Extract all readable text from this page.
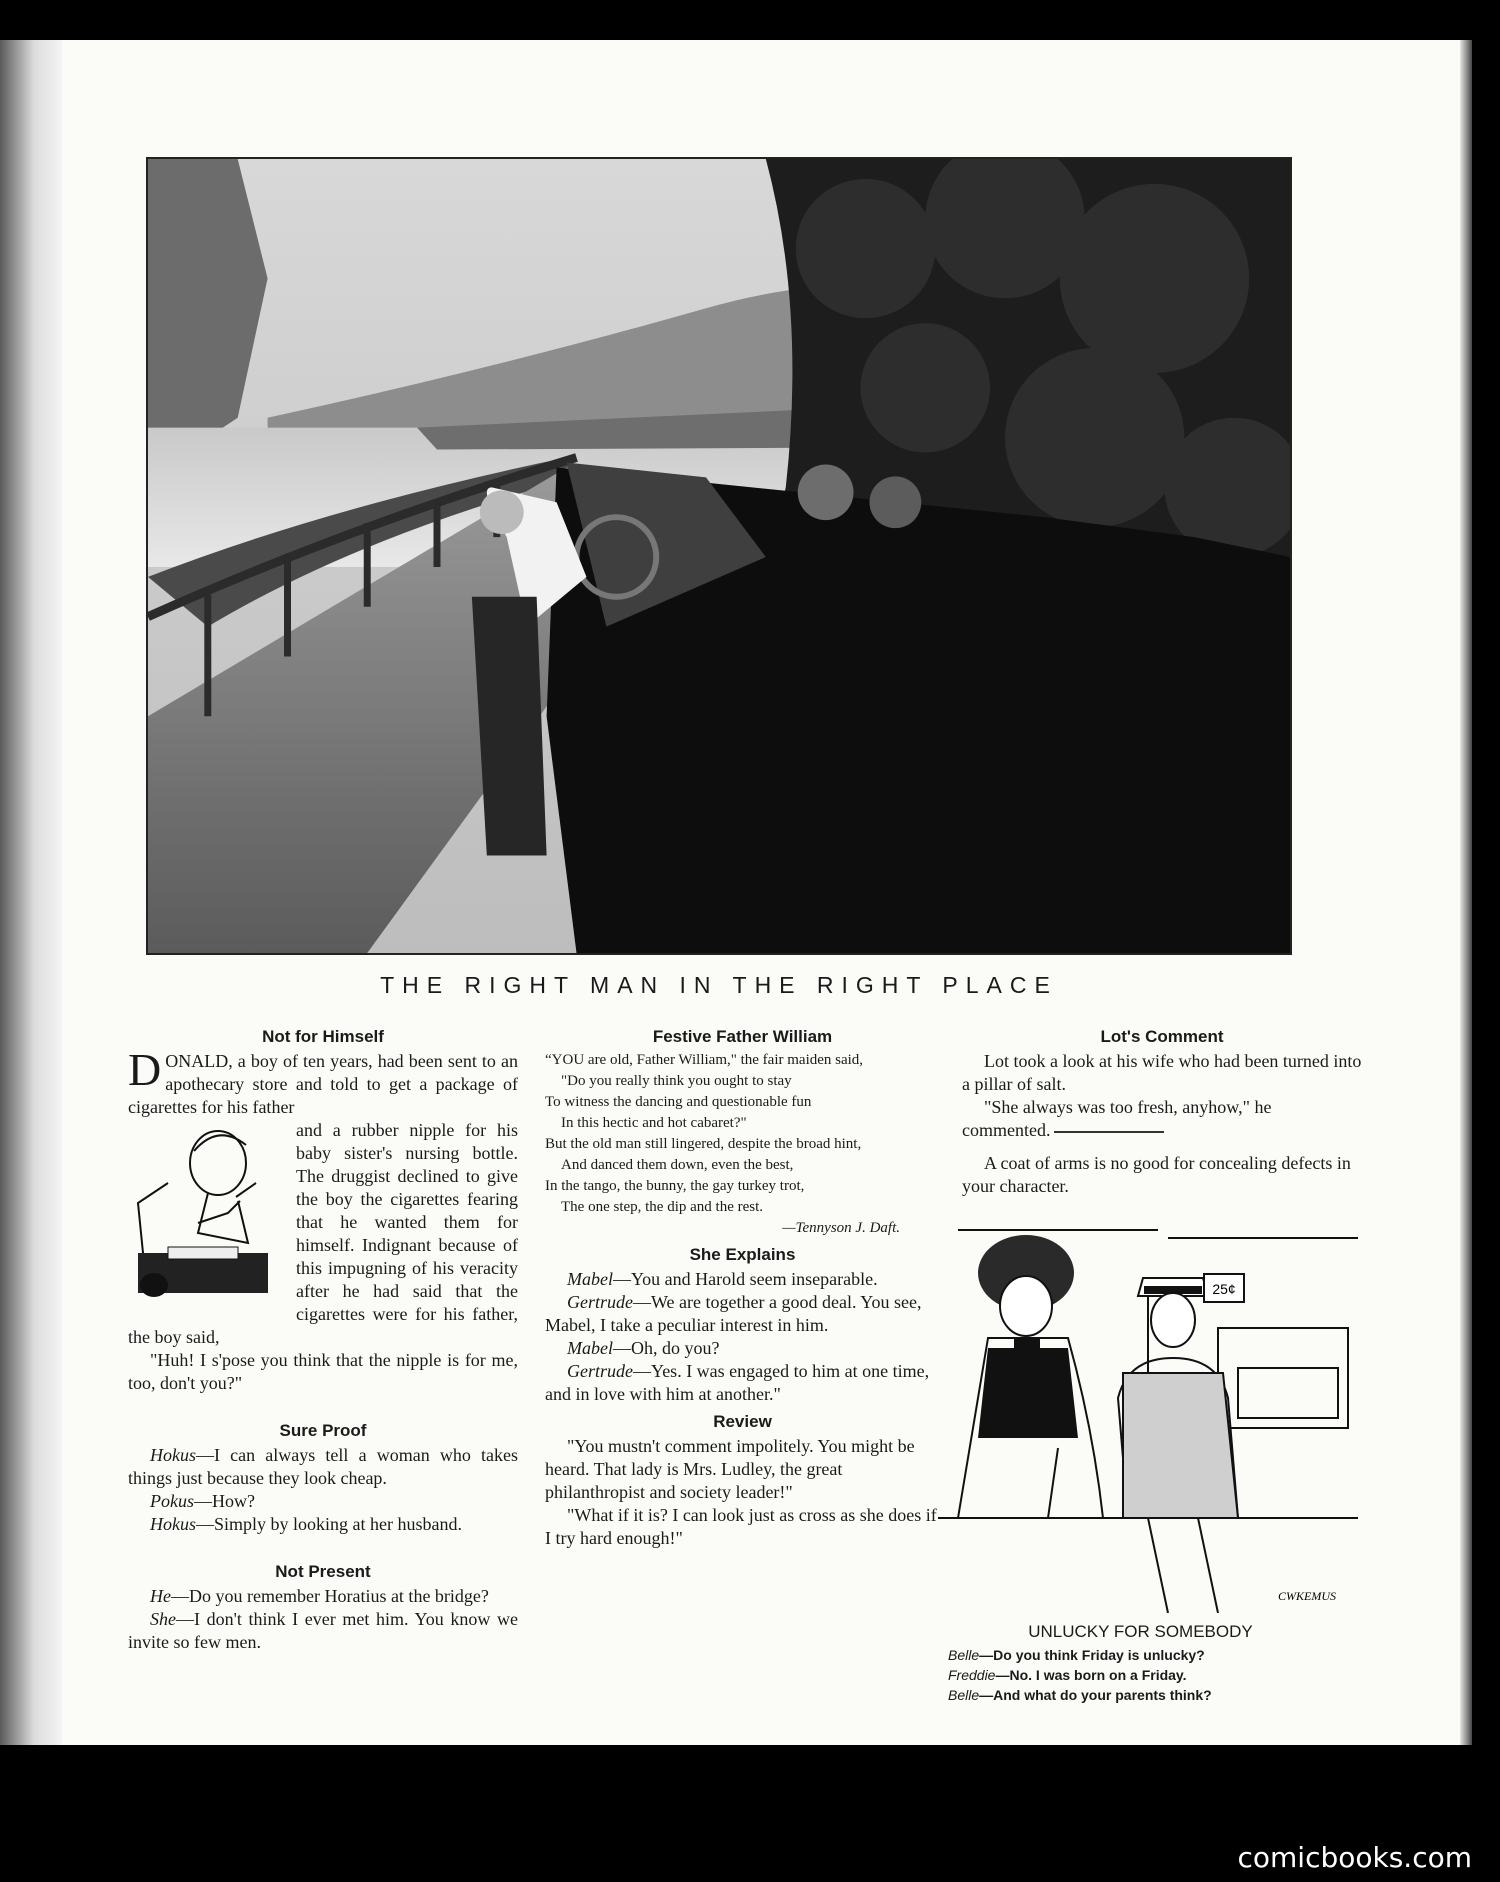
THE RIGHT MAN IN THE RIGHT PLACE
Not for Himself

DONALD, a boy of ten years, had been sent to an apothecary store and told to get a package of cigarettes for his father

and a rubber nipple for his baby sister's nursing bottle. The druggist declined to give the boy the cigarettes fearing that he wanted them for himself. Indignant because of this impugning of his veracity after he had said that the cigarettes were for his father, the boy said,

"Huh! I s'pose you think that the nipple is for me, too, don't you?"

Sure Proof

Hokus—I can always tell a woman who takes things just because they look cheap.

Pokus—How?

Hokus—Simply by looking at her husband.

Not Present

He—Do you remember Horatius at the bridge?

She—I don't think I ever met him. You know we invite so few men.

Festive Father William

“YOU are old, Father William," the fair maiden said,

"Do you really think you ought to stay

To witness the dancing and questionable fun

In this hectic and hot cabaret?"

But the old man still lingered, despite the broad hint,

And danced them down, even the best,

In the tango, the bunny, the gay turkey trot,

The one step, the dip and the rest.

—Tennyson J. Daft.

She Explains

Mabel—You and Harold seem inseparable.

Gertrude—We are together a good deal. You see, Mabel, I take a peculiar interest in him.

Mabel—Oh, do you?

Gertrude—Yes. I was engaged to him at one time, and in love with him at another."

Review

"You mustn't comment impolitely. You might be heard. That lady is Mrs. Ludley, the great philanthropist and society leader!"

"What if it is? I can look just as cross as she does if I try hard enough!"

Lot's Comment

Lot took a look at his wife who had been turned into a pillar of salt.

"She always was too fresh, anyhow," he commented.

A coat of arms is no good for concealing defects in your character.

25¢
CWKEMUS
UNLUCKY FOR SOMEBODY
Belle—Do you think Friday is unlucky?
Freddie—No. I was born on a Friday.
Belle—And what do your parents think?
comicbooks.com
